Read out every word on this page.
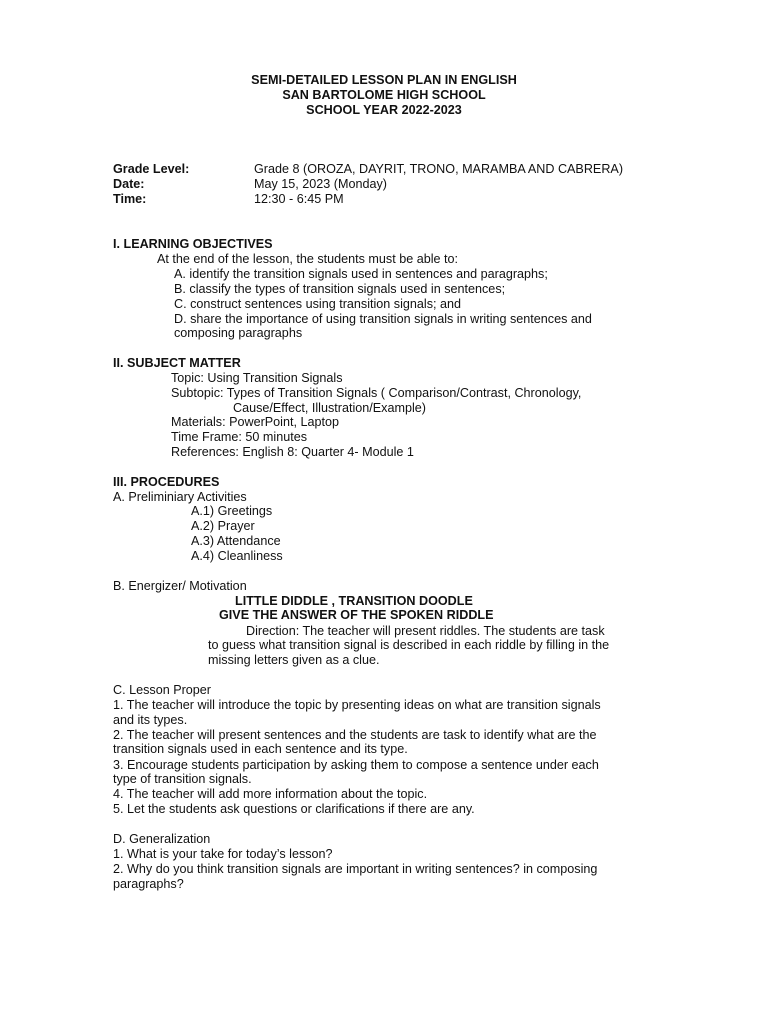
SEMI-DETAILED LESSON PLAN IN ENGLISH
SAN BARTOLOME HIGH SCHOOL
SCHOOL YEAR 2022-2023
Grade Level:	Grade 8 (OROZA, DAYRIT, TRONO, MARAMBA AND CABRERA)
Date:	May 15, 2023 (Monday)
Time:	12:30 - 6:45 PM
I. LEARNING OBJECTIVES
At the end of the lesson, the students must be able to:
A. identify the transition signals used in sentences and paragraphs;
B. classify the types of transition signals used in sentences;
C. construct sentences using transition signals; and
D. share the importance of using transition signals in writing sentences and
composing paragraphs
II. SUBJECT MATTER
Topic: Using Transition Signals
Subtopic: Types of Transition Signals ( Comparison/Contrast, Chronology,
Cause/Effect, Illustration/Example)
Materials: PowerPoint, Laptop
Time Frame: 50 minutes
References: English 8: Quarter 4- Module 1
III. PROCEDURES
A. Preliminiary Activities
A.1) Greetings
A.2) Prayer
A.3) Attendance
A.4) Cleanliness
B. Energizer/ Motivation
LITTLE DIDDLE , TRANSITION DOODLE
GIVE THE ANSWER OF THE SPOKEN RIDDLE
Direction: The teacher will present riddles. The students are task
to guess what transition signal is described in each riddle by filling in the
missing letters given as a clue.
C. Lesson Proper
1. The teacher will introduce the topic by presenting ideas on what are transition signals
and its types.
2. The teacher will present sentences and the students are task to identify what are the
transition signals used in each sentence and its type.
3. Encourage students participation by asking them to compose a sentence under each
type of transition signals.
4. The teacher will add more information about the topic.
5. Let the students ask questions or clarifications if there are any.
D. Generalization
1. What is your take for today’s lesson?
2. Why do you think transition signals are important in writing sentences? in composing
paragraphs?
